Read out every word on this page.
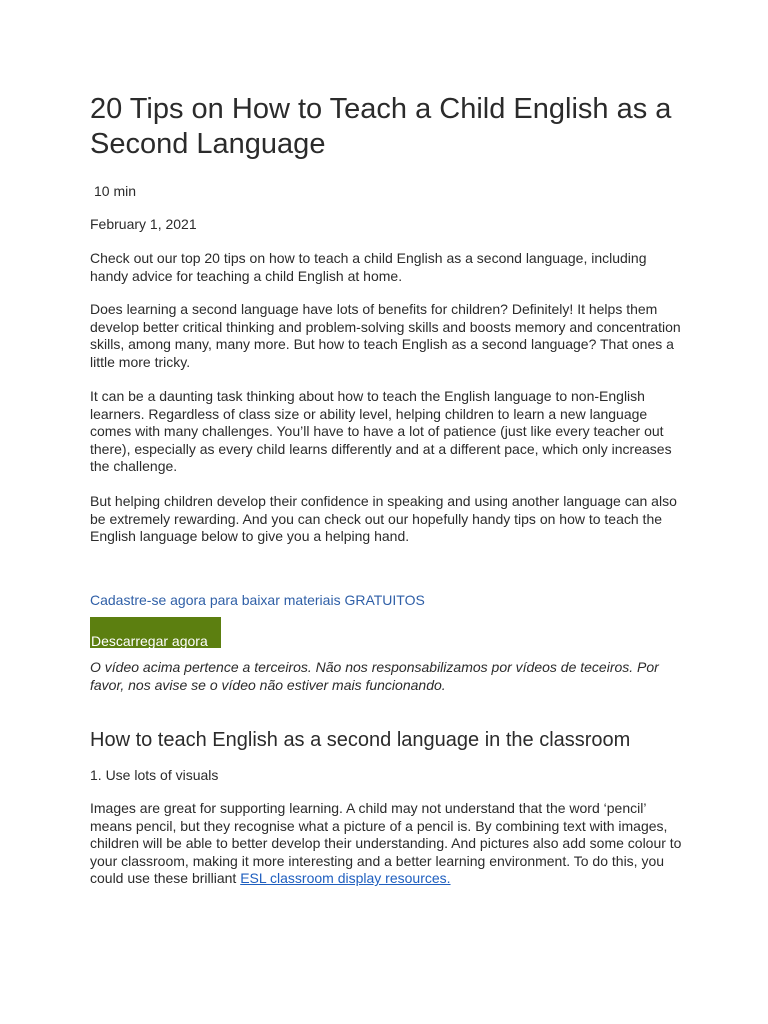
20 Tips on How to Teach a Child English as a Second Language
10 min
February 1, 2021

Check out our top 20 tips on how to teach a child English as a second language, including handy advice for teaching a child English at home.

Does learning a second language have lots of benefits for children? Definitely! It helps them develop better critical thinking and problem-solving skills and boosts memory and concentration skills, among many, many more. But how to teach English as a second language? That ones a little more tricky.

It can be a daunting task thinking about how to teach the English language to non-English learners. Regardless of class size or ability level, helping children to learn a new language comes with many challenges. You’ll have to have a lot of patience (just like every teacher out there), especially as every child learns differently and at a different pace, which only increases the challenge.

But helping children develop their confidence in speaking and using another language can also be extremely rewarding. And you can check out our hopefully handy tips on how to teach the English language below to give you a helping hand.

Cadastre-se agora para baixar materiais GRATUITOS
Descarregar agora

O vídeo acima pertence a terceiros. Não nos responsabilizamos por vídeos de teceiros. Por favor, nos avise se o vídeo não estiver mais funcionando.

How to teach English as a second language in the classroom
1. Use lots of visuals

Images are great for supporting learning. A child may not understand that the word ‘pencil’ means pencil, but they recognise what a picture of a pencil is. By combining text with images, children will be able to better develop their understanding. And pictures also add some colour to your classroom, making it more interesting and a better learning environment. To do this, you could use these brilliant ESL classroom display resources.
